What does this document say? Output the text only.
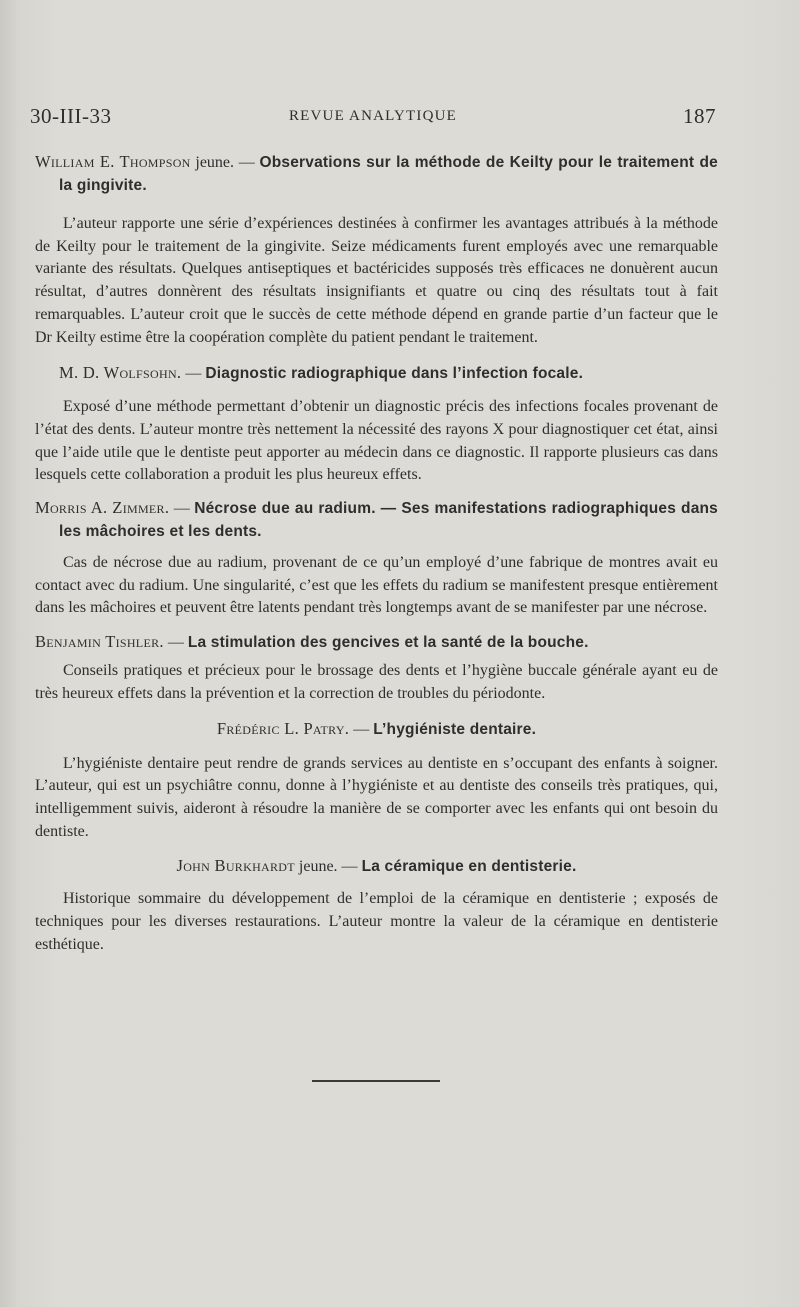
30-III-33	REVUE ANALYTIQUE	187
William E. Thompson jeune. — Observations sur la méthode de Keilty pour le traitement de la gingivite.

L’auteur rapporte une série d’expériences destinées à confirmer les avantages attribués à la méthode de Keilty pour le traitement de la gingivite. Seize médicaments furent employés avec une remarquable variante des résultats. Quelques antiseptiques et bactéricides supposés très efficaces ne donuèrent aucun résultat, d’autres donnèrent des résultats insignifiants et quatre ou cinq des résultats tout à fait remarquables. L’auteur croit que le succès de cette méthode dépend en grande partie d’un facteur que le Dr Keilty estime être la coopération complète du patient pendant le traitement.

M. D. Wolfsohn. — Diagnostic radiographique dans l’infection focale.

Exposé d’une méthode permettant d’obtenir un diagnostic précis des infections focales provenant de l’état des dents. L’auteur montre très nettement la nécessité des rayons X pour diagnostiquer cet état, ainsi que l’aide utile que le dentiste peut apporter au médecin dans ce diagnostic. Il rapporte plusieurs cas dans lesquels cette collaboration a produit les plus heureux effets.

Morris A. Zimmer. — Nécrose due au radium. — Ses manifestations radiographiques dans les mâchoires et les dents.

Cas de nécrose due au radium, provenant de ce qu’un employé d’une fabrique de montres avait eu contact avec du radium. Une singularité, c’est que les effets du radium se manifestent presque entièrement dans les mâchoires et peuvent être latents pendant très longtemps avant de se manifester par une nécrose.

Benjamin Tishler. — La stimulation des gencives et la santé de la bouche.

Conseils pratiques et précieux pour le brossage des dents et l’hygiène buccale générale ayant eu de très heureux effets dans la prévention et la correction de troubles du périodonte.

Frédéric L. Patry. — L’hygiéniste dentaire.

L’hygiéniste dentaire peut rendre de grands services au dentiste en s’occupant des enfants à soigner. L’auteur, qui est un psychiâtre connu, donne à l’hygiéniste et au dentiste des conseils très pratiques, qui, intelligemment suivis, aideront à résoudre la manière de se comporter avec les enfants qui ont besoin du dentiste.

John Burkhardt jeune. — La céramique en dentisterie.

Historique sommaire du développement de l’emploi de la céramique en dentisterie ; exposés de techniques pour les diverses restaurations. L’auteur montre la valeur de la céramique en dentisterie esthétique.
